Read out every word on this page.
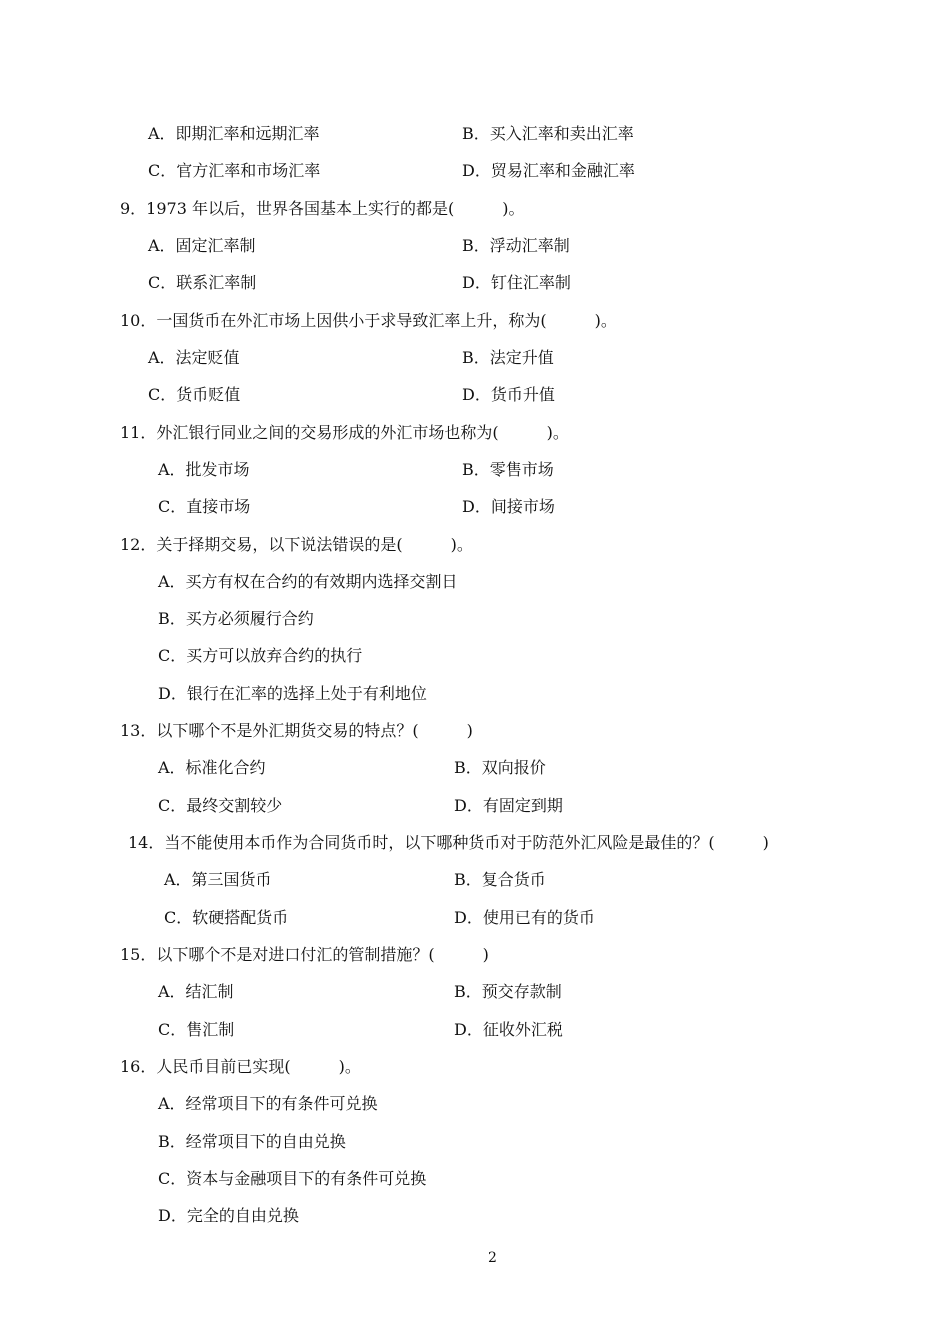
A．即期汇率和远期汇率	B．买入汇率和卖出汇率
C．官方汇率和市场汇率	D．贸易汇率和金融汇率
9．1973 年以后，世界各国基本上实行的都是(　　　)。
A．固定汇率制	B．浮动汇率制
C．联系汇率制	D．钉住汇率制
10．一国货币在外汇市场上因供小于求导致汇率上升，称为(　　　)。
A．法定贬值	B．法定升值
C．货币贬值	D．货币升值
11．外汇银行同业之间的交易形成的外汇市场也称为(　　　)。
A．批发市场	B．零售市场
C．直接市场	D．间接市场
12．关于择期交易，以下说法错误的是(　　　)。
A．买方有权在合约的有效期内选择交割日
B．买方必须履行合约
C．买方可以放弃合约的执行
D．银行在汇率的选择上处于有利地位
13．以下哪个不是外汇期货交易的特点？(　　　)
A．标准化合约	B．双向报价
C．最终交割较少	D．有固定到期
14．当不能使用本币作为合同货币时，以下哪种货币对于防范外汇风险是最佳的？(　　　)
A．第三国货币	B．复合货币
C．软硬搭配货币	D．使用已有的货币
15．以下哪个不是对进口付汇的管制措施？(　　　)
A．结汇制	B．预交存款制
C．售汇制	D．征收外汇税
16．人民币目前已实现(　　　)。
A．经常项目下的有条件可兑换
B．经常项目下的自由兑换
C．资本与金融项目下的有条件可兑换
D．完全的自由兑换
2
